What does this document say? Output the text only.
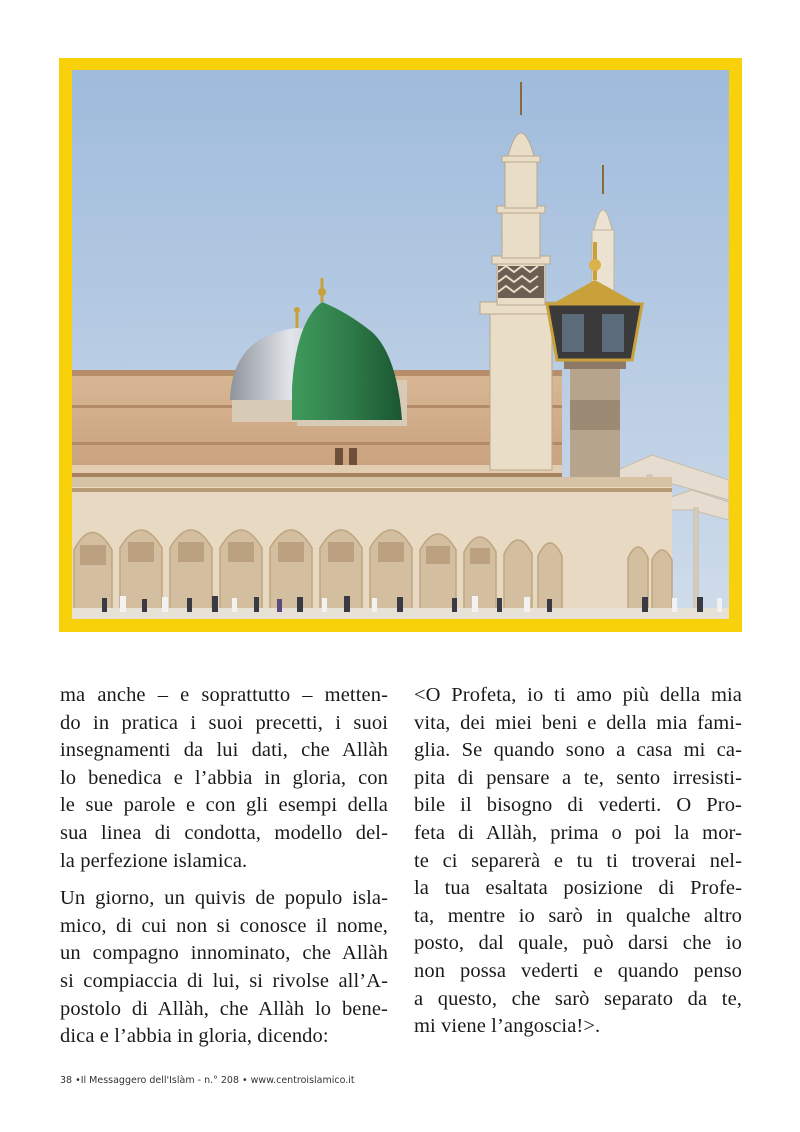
ma anche – e soprattutto – metten-
do in pratica i suoi precetti, i suoi
insegnamenti da lui dati, che Allàh
lo benedica e l’abbia in gloria, con
le sue parole e con gli esempi della
sua linea di condotta, modello del-
la perfezione islamica.
Un giorno, un quivis de populo isla-
mico, di cui non si conosce il nome,
un compagno innominato, che Allàh
si compiaccia di lui, si rivolse all’A-
postolo di Allàh, che Allàh lo bene-
dica e l’abbia in gloria, dicendo:
<O Profeta, io ti amo più della mia
vita, dei miei beni e della mia fami-
glia. Se quando sono a casa mi ca-
pita di pensare a te, sento irresisti-
bile il bisogno di vederti. O Pro-
feta di Allàh, prima o poi la mor-
te ci separerà e tu ti troverai nel-
la tua esaltata posizione di Profe-
ta, mentre io sarò in qualche altro
posto, dal quale, può darsi che io
non possa vederti e quando penso
a questo, che sarò separato da te,
mi viene l’angoscia!>.
38 •Il Messaggero dell'Islàm - n.° 208 • www.centroislamico.it
